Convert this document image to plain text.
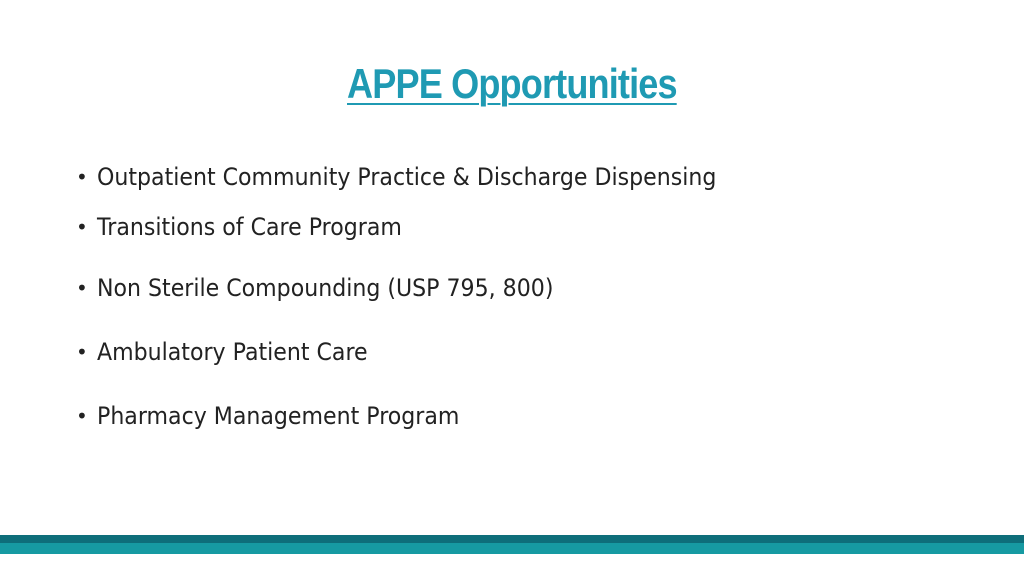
APPE Opportunities
• Outpatient Community Practice & Discharge Dispensing
• Transitions of Care Program
• Non Sterile Compounding (USP 795, 800)
• Ambulatory Patient Care
• Pharmacy Management Program
